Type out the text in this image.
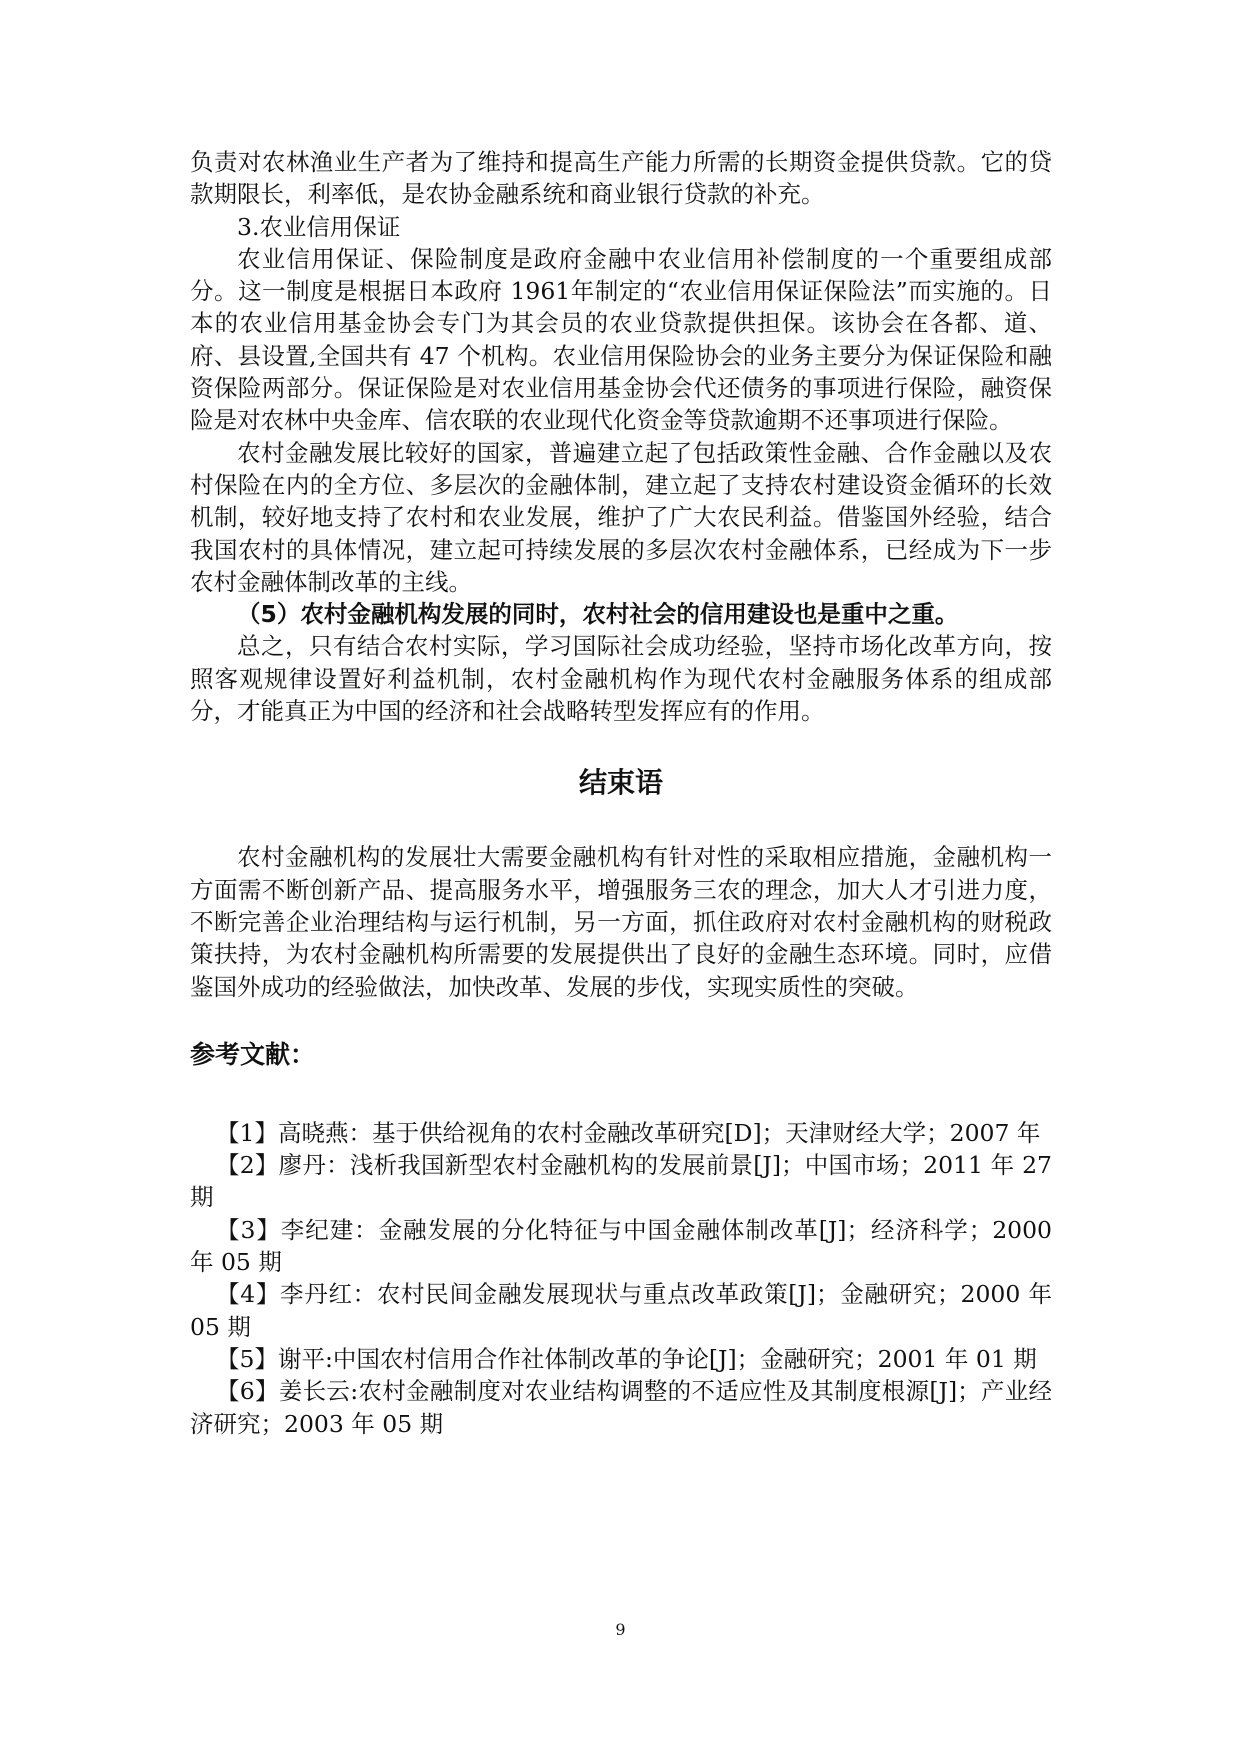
负责对农林渔业生产者为了维持和提高生产能力所需的长期资金提供贷款。它的贷款期限长，利率低，是农协金融系统和商业银行贷款的补充。

3.农业信用保证

农业信用保证、保险制度是政府金融中农业信用补偿制度的一个重要组成部分。这一制度是根据日本政府 1961年制定的“农业信用保证保险法”而实施的。日本的农业信用基金协会专门为其会员的农业贷款提供担保。该协会在各都、道、府、县设置,全国共有 47 个机构。农业信用保险协会的业务主要分为保证保险和融资保险两部分。保证保险是对农业信用基金协会代还债务的事项进行保险，融资保险是对农林中央金库、信农联的农业现代化资金等贷款逾期不还事项进行保险。

农村金融发展比较好的国家，普遍建立起了包括政策性金融、合作金融以及农村保险在内的全方位、多层次的金融体制，建立起了支持农村建设资金循环的长效机制，较好地支持了农村和农业发展，维护了广大农民利益。借鉴国外经验，结合我国农村的具体情况，建立起可持续发展的多层次农村金融体系，已经成为下一步农村金融体制改革的主线。

（5）农村金融机构发展的同时，农村社会的信用建设也是重中之重。

总之，只有结合农村实际，学习国际社会成功经验，坚持市场化改革方向，按照客观规律设置好利益机制，农村金融机构作为现代农村金融服务体系的组成部分，才能真正为中国的经济和社会战略转型发挥应有的作用。

结束语

农村金融机构的发展壮大需要金融机构有针对性的采取相应措施，金融机构一方面需不断创新产品、提高服务水平，增强服务三农的理念，加大人才引进力度，不断完善企业治理结构与运行机制，另一方面，抓住政府对农村金融机构的财税政策扶持，为农村金融机构所需要的发展提供出了良好的金融生态环境。同时，应借鉴国外成功的经验做法，加快改革、发展的步伐，实现实质性的突破。

参考文献：

【1】高晓燕：基于供给视角的农村金融改革研究[D]；天津财经大学；2007 年

【2】廖丹：浅析我国新型农村金融机构的发展前景[J]；中国市场；2011 年 27 期

【3】李纪建：金融发展的分化特征与中国金融体制改革[J]；经济科学；2000 年 05 期

【4】李丹红：农村民间金融发展现状与重点改革政策[J]；金融研究；2000 年 05 期

【5】谢平:中国农村信用合作社体制改革的争论[J]；金融研究；2001 年 01 期

【6】姜长云:农村金融制度对农业结构调整的不适应性及其制度根源[J]；产业经济研究；2003 年 05 期

9
